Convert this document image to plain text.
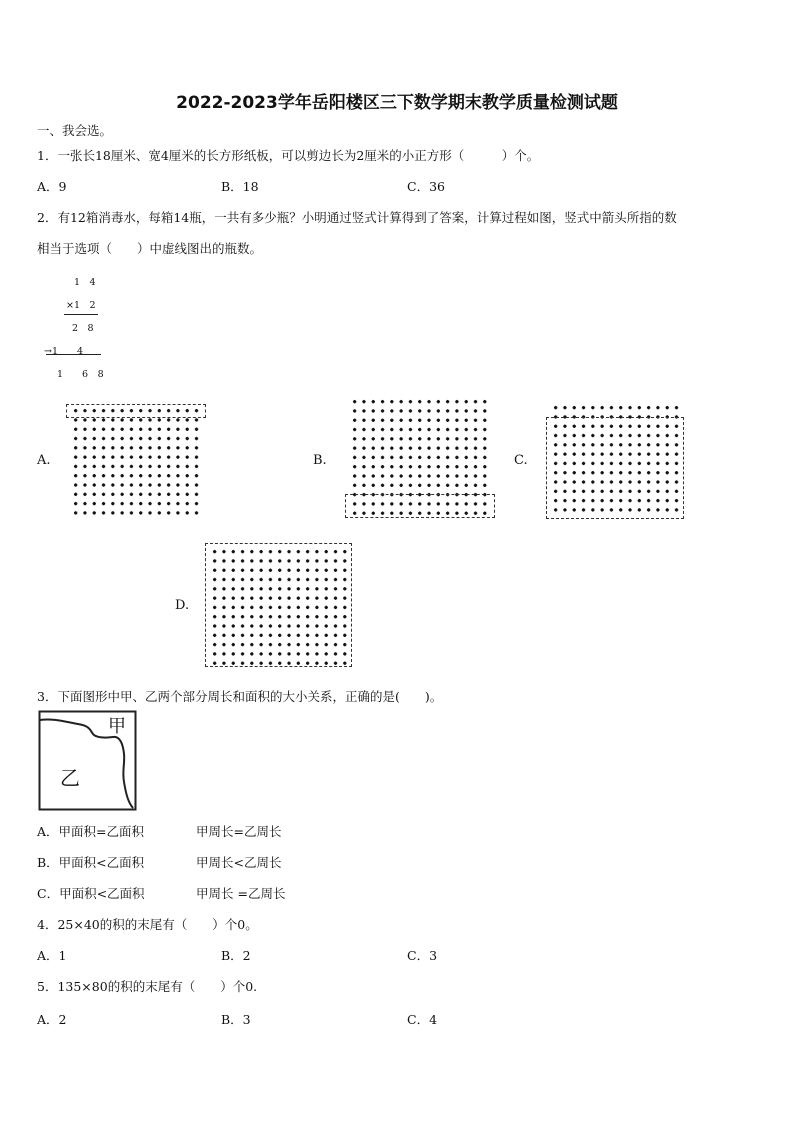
2022-2023学年岳阳楼区三下数学期末教学质量检测试题
一、我会选。
1．一张长18厘米、宽4厘米的长方形纸板，可以剪边长为2厘米的小正方形（　　　）个。
A．9	B．18	C．36
2．有12箱消毒水，每箱14瓶，一共有多少瓶？小明通过竖式计算得到了答案，计算过程如图，竖式中箭头所指的数
相当于选项（　　）中虚线图出的瓶数。
1　4
×1　2
2　8
→1　　4
1　　6　8
A.	B.	C.
D.
3．下面图形中甲、乙两个部分周长和面积的大小关系，正确的是(　　)。
甲
乙
A．甲面积=乙面积	甲周长=乙周长
B．甲面积<乙面积	甲周长<乙周长
C．甲面积<乙面积	甲周长 =乙周长
4．25×40的积的末尾有（　　）个0。
A．1	B．2	C．3
5．135×80的积的末尾有（　　）个0.
A．2	B．3	C．4
